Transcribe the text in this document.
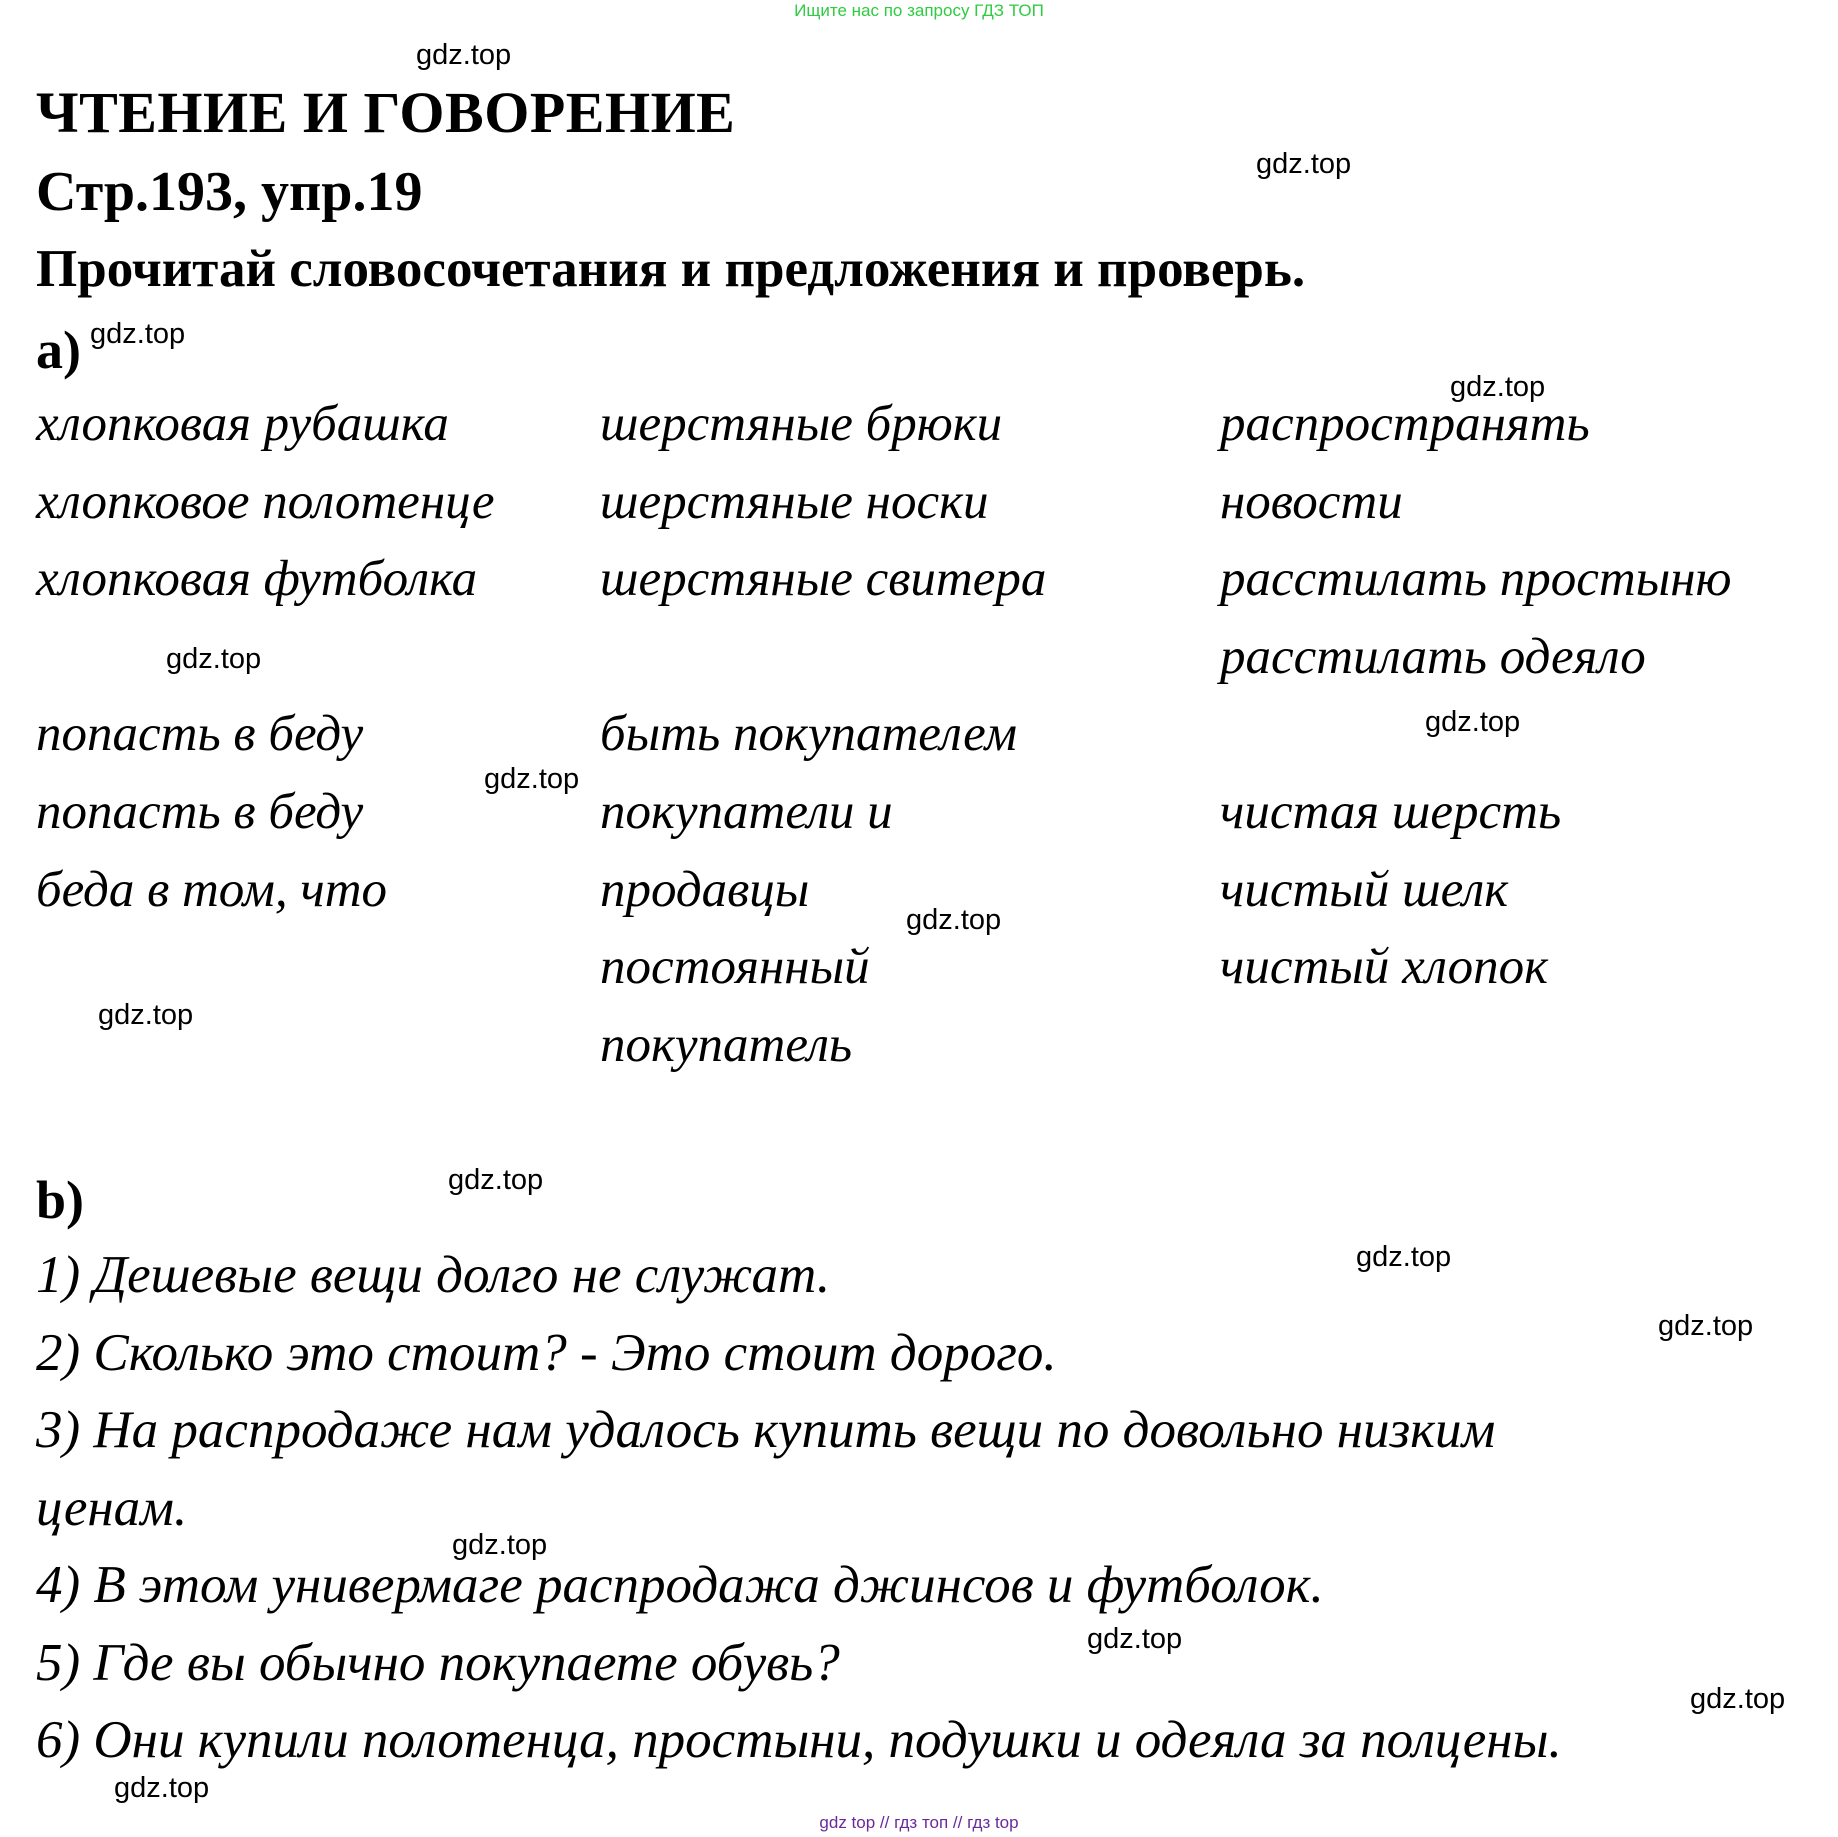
Ищите нас по запросу ГДЗ ТОП
ЧТЕНИЕ И ГОВОРЕНИЕ
Стр.193, упр.19
Прочитай словосочетания и предложения и проверь.
a)
хлопковая рубашка
хлопковое полотенце
хлопковая футболка
попасть в беду
попасть в беду
беда в том, что
шерстяные брюки
шерстяные носки
шерстяные свитера
быть покупателем
покупатели и
продавцы
постоянный
покупатель
распространять
новости
расстилать простыню
расстилать одеяло
чистая шерсть
чистый шелк
чистый хлопок
b)
1) Дешевые вещи долго не служат.
2) Сколько это стоит? - Это стоит дорого.
3) На распродаже нам удалось купить вещи по довольно низким
ценам.
4) В этом универмаге распродажа джинсов и футболок.
5) Где вы обычно покупаете обувь?
6) Они купили полотенца, простыни, подушки и одеяла за полцены.
gdz.top
gdz.top
gdz.top
gdz.top
gdz.top
gdz.top
gdz.top
gdz.top
gdz.top
gdz.top
gdz.top
gdz.top
gdz.top
gdz.top
gdz.top
gdz.top
gdz top // гдз топ // гдз top
